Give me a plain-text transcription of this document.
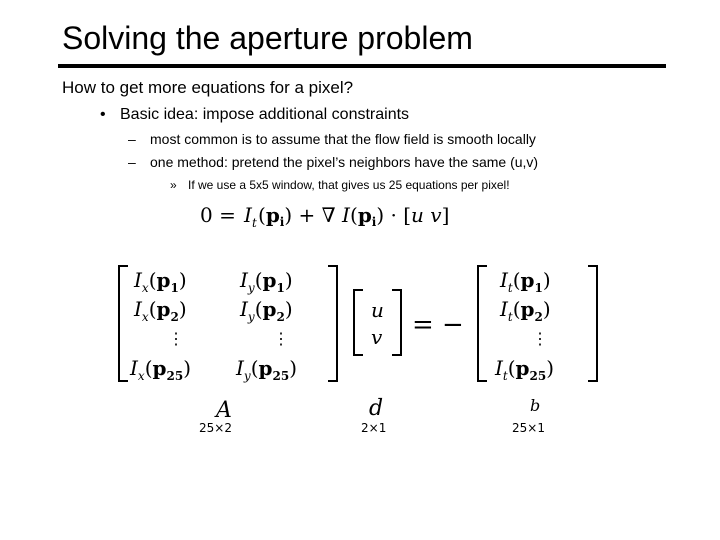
Solving the aperture problem
How to get more equations for a pixel?
• Basic idea: impose additional constraints
– most common is to assume that the flow field is smooth locally
– one method: pretend the pixel’s neighbors have the same (u,v)
» If we use a 5x5 window, that gives us 25 equations per pixel!
0 = I t $(p_i)$ + ∇ I $(p_i) \cdot [u$ v]
$I_x(p_1)$	$I_y(p_1)$
$I_x(p_2)$	$I_y(p_2)$
⋮	⋮
$I_x(p_{25})$ $I_y(p_{25})$
u
v = −
$I_t(p_1)$
$I_t(p_2)$
⋮
$I_t(p_{25})$
A
25×2
d
2×1
b
25×1
